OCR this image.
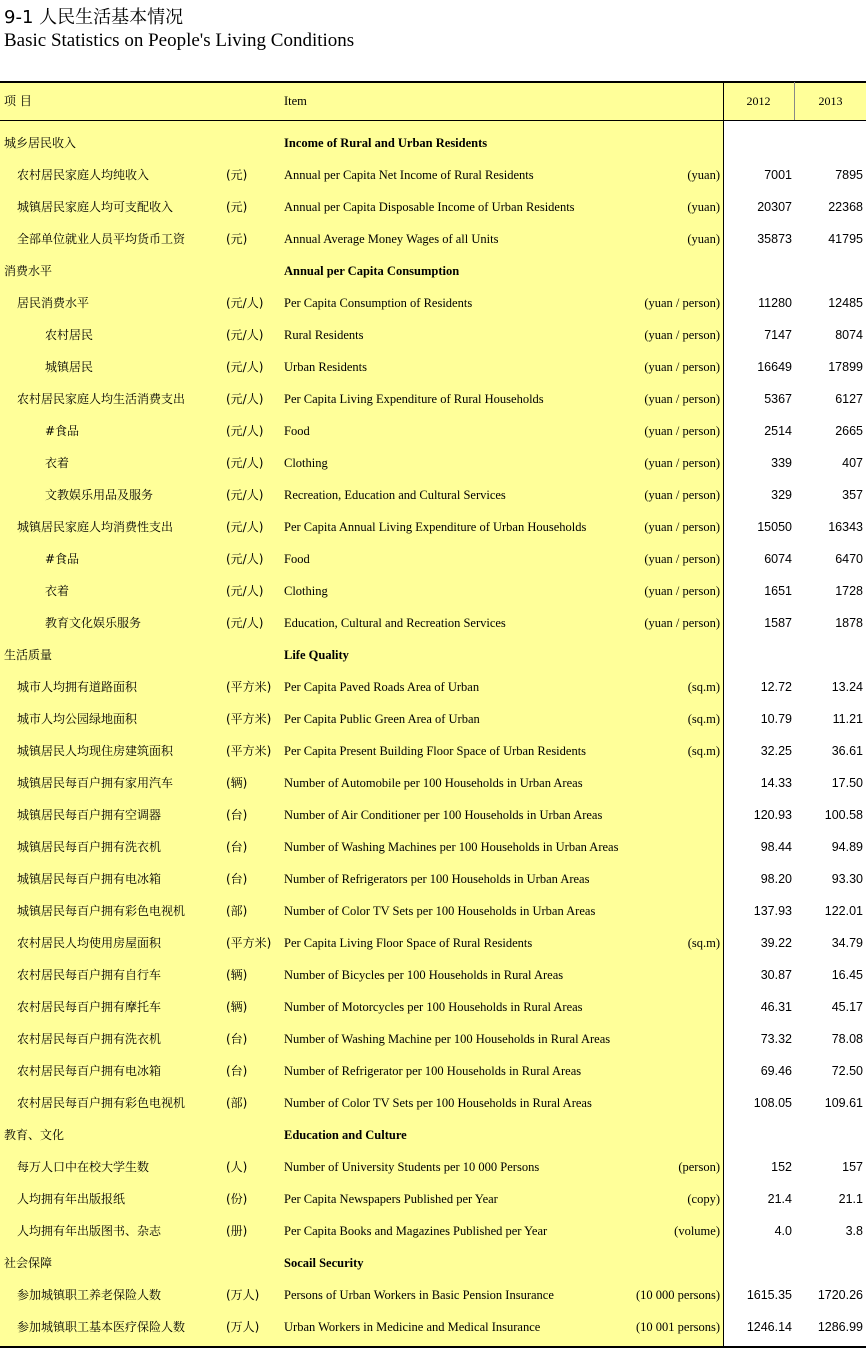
9-1 人民生活基本情况
Basic Statistics on People's Living Conditions
项 目	Item	2012	2013
城乡居民收入	Income of Rural and Urban Residents
农村居民家庭人均纯收入	(元)	Annual per Capita Net Income of Rural Residents	(yuan)	7001	7895
城镇居民家庭人均可支配收入	(元)	Annual per Capita Disposable Income of Urban Residents	(yuan)	20307	22368
全部单位就业人员平均货币工资	(元)	Annual Average Money Wages of all Units	(yuan)	35873	41795
消费水平	Annual per Capita Consumption
居民消费水平	(元/人) Per Capita Consumption of Residents	(yuan / person)	11280	12485
农村居民	(元/人) Rural Residents	(yuan / person)	7147	8074
城镇居民	(元/人) Urban Residents	(yuan / person)	16649	17899
农村居民家庭人均生活消费支出	(元/人) Per Capita Living Expenditure of Rural Households	(yuan / person)	5367	6127
#食品	(元/人) Food	(yuan / person)	2514	2665
衣着	(元/人) Clothing	(yuan / person)	339	407
文教娱乐用品及服务	(元/人) Recreation, Education and Cultural Services	(yuan / person)	329	357
城镇居民家庭人均消费性支出	(元/人) Per Capita Annual Living Expenditure of Urban Households	(yuan / person)	15050	16343
#食品	(元/人) Food	(yuan / person)	6074	6470
衣着	(元/人) Clothing	(yuan / person)	1651	1728
教育文化娱乐服务	(元/人) Education, Cultural and Recreation Services	(yuan / person)	1587	1878
生活质量	Life Quality
城市人均拥有道路面积	(平方米) Per Capita Paved Roads Area of Urban	(sq.m)	12.72	13.24
城市人均公园绿地面积	(平方米) Per Capita Public Green Area of Urban	(sq.m)	10.79	11.21
城镇居民人均现住房建筑面积	(平方米) Per Capita Present Building Floor Space of Urban Residents	(sq.m)	32.25	36.61
城镇居民每百户拥有家用汽车	(辆)	Number of Automobile per 100 Households in Urban Areas	14.33	17.50
城镇居民每百户拥有空调器	(台)	Number of Air Conditioner per 100 Households in Urban Areas	120.93	100.58
城镇居民每百户拥有洗衣机	(台)	Number of Washing Machines per 100 Households in Urban Areas	98.44	94.89
城镇居民每百户拥有电冰箱	(台)	Number of Refrigerators per 100 Households in Urban Areas	98.20	93.30
城镇居民每百户拥有彩色电视机	(部)	Number of Color TV Sets per 100 Households in Urban Areas	137.93	122.01
农村居民人均使用房屋面积	(平方米) Per Capita Living Floor Space of Rural Residents	(sq.m)	39.22	34.79
农村居民每百户拥有自行车	(辆)	Number of Bicycles per 100 Households in Rural Areas	30.87	16.45
农村居民每百户拥有摩托车	(辆)	Number of Motorcycles per 100 Households in Rural Areas	46.31	45.17
农村居民每百户拥有洗衣机	(台)	Number of Washing Machine per 100 Households in Rural Areas	73.32	78.08
农村居民每百户拥有电冰箱	(台)	Number of Refrigerator per 100 Households in Rural Areas	69.46	72.50
农村居民每百户拥有彩色电视机	(部)	Number of Color TV Sets per 100 Households in Rural Areas	108.05	109.61
教育、文化	Education and Culture
每万人口中在校大学生数	(人)	Number of University Students per 10 000 Persons	(person)	152	157
人均拥有年出版报纸	(份)	Per Capita Newspapers Published per Year	(copy)	21.4	21.1
人均拥有年出版图书、杂志	(册)	Per Capita Books and Magazines Published per Year	(volume)	4.0	3.8
社会保障	Socail Security
参加城镇职工养老保险人数	(万人) Persons of Urban Workers in Basic Pension Insurance	(10 000 persons) 1615.35 1720.26
参加城镇职工基本医疗保险人数	(万人) Urban Workers in Medicine and Medical Insurance	(10 001 persons) 1246.14 1286.99
